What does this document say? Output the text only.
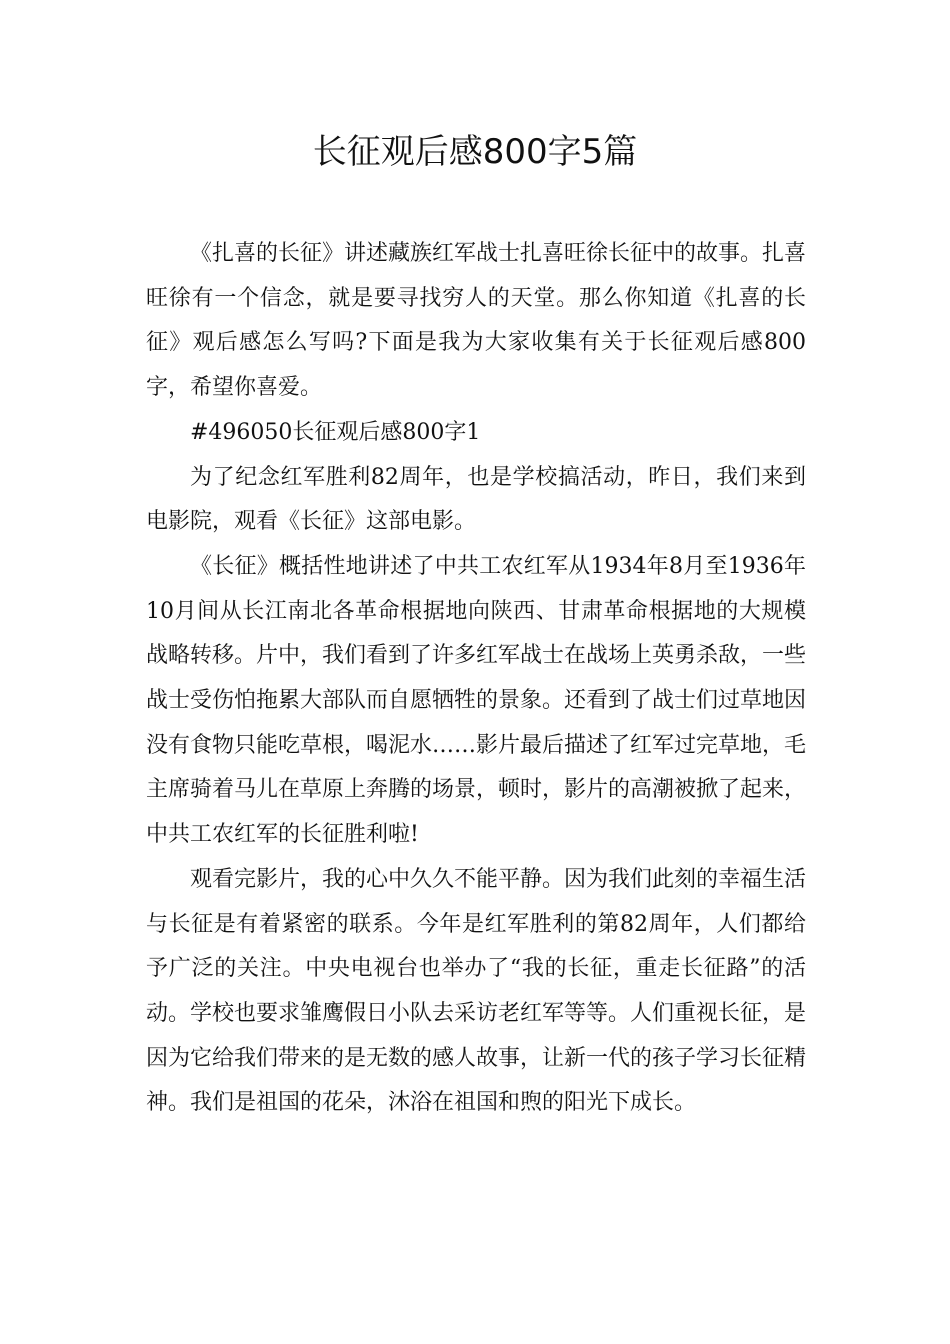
长征观后感800字5篇

《扎喜的长征》讲述藏族红军战士扎喜旺徐长征中的故事。扎喜旺徐有一个信念，就是要寻找穷人的天堂。那么你知道《扎喜的长征》观后感怎么写吗?下面是我为大家收集有关于长征观后感800字，希望你喜爱。

#496050长征观后感800字1

为了纪念红军胜利82周年，也是学校搞活动，昨日，我们来到电影院，观看《长征》这部电影。

《长征》概括性地讲述了中共工农红军从1934年8月至1936年10月间从长江南北各革命根据地向陕西、甘肃革命根据地的大规模战略转移。片中，我们看到了许多红军战士在战场上英勇杀敌，一些战士受伤怕拖累大部队而自愿牺牲的景象。还看到了战士们过草地因没有食物只能吃草根，喝泥水……影片最后描述了红军过完草地，毛主席骑着马儿在草原上奔腾的场景，顿时，影片的高潮被掀了起来，中共工农红军的长征胜利啦!

观看完影片，我的心中久久不能平静。因为我们此刻的幸福生活与长征是有着紧密的联系。今年是红军胜利的第82周年，人们都给予广泛的关注。中央电视台也举办了“我的长征，重走长征路”的活动。学校也要求雏鹰假日小队去采访老红军等等。人们重视长征，是因为它给我们带来的是无数的感人故事，让新一代的孩子学习长征精神。我们是祖国的花朵，沐浴在祖国和煦的阳光下成长。
